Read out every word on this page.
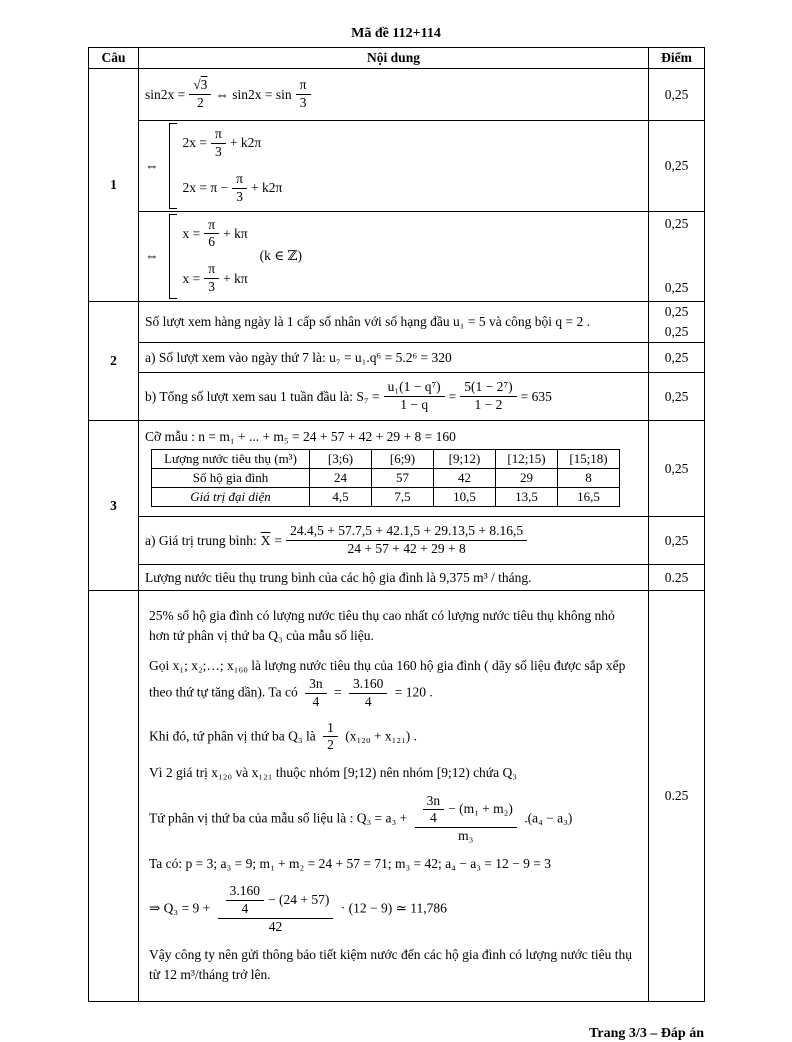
Mã đề 112+114
Câu	Nội dung	Điểm
1	
$\sin 2x = \frac{√ 3}{2}$ ⇔ $\sin 2x = \sin \frac{\pi}{3}$	0,25

⇔
$2x = \frac{\pi}{3} + k2\pi$
$2x = \pi - \frac{\pi}{3} + k2\pi$
	0,25

⇔
$x = \frac{\pi}{6} + k\pi$
$x = \frac{\pi}{3} + k\pi$
(k ∈ ℤ)

0,25
0,25

2	Số lượt xem hàng ngày là 1 cấp số nhân với số hạng đầu u₁ = 5 và công bội q = 2 .	
0,25
0,25

a) Số lượt xem vào ngày thứ 7 là: u₇ = u₁.q⁶ = 5.2⁶ = 320	0,25

b) Tổng số lượt xem sau 1 tuần đầu là: $S_7 = \frac{\text{u₁(1 − q⁷)}}{1 - q} = \frac{\text{5(1 − 2⁷)}}{1 - 2} = 635$	0,25
3	
Cỡ mẫu : n = m₁ + ... + m₅ = 24 + 57 + 42 + 29 + 8 = 160
Lượng nước tiêu thụ (m³)	[3;6)	[6;9)	[9;12)	[12;15)	[15;18)
Số hộ gia đình	24	57	42	29	8
Giá trị đại diện	4,5	7,5	10,5	13,5	16,5
	0,25

a) Giá trị trung bình: $\overline{X} = \frac{24.4,5 + 57.7,5 + 42.1,5 + 29.13,5 + 8.16,5}{24 + 57 + 42 + 29 + 8}$	0,25
Lượng nước tiêu thụ trung bình của các hộ gia đình là 9,375 m³ / tháng.	0.25

25% số hộ gia đình có lượng nước tiêu thụ cao nhất có lượng nước tiêu thụ không nhỏ hơn tứ phân vị thứ ba Q₃ của mẫu số liệu.

Gọi x₁; x₂;…; x₁₆₀ là lượng nước tiêu thụ của 160 hộ gia đình ( dãy số liệu được sắp xếp theo thứ tự tăng dần). Ta có $\frac{3n}{4} = \frac{3.160}{4} = 120$ .

Khi đó, tứ phân vị thứ ba Q₃ là $\frac{1}{2} (x_{120} + x_{121})$ .

Vì 2 giá trị x₁₂₀ và x₁₂₁ thuộc nhóm [9;12) nên nhóm [9;12) chứa Q₃

Tứ phân vị thứ ba của mẫu số liệu là : $Q_3 = a_3 + \frac{\frac{3n}{4} - (m_1 + m_2)}{\text{m₃}} .(a_4 - a_3)$

Ta có: p = 3; a₃ = 9; m₁ + m₂ = 24 + 57 = 71; m₃ = 42; a₄ − a₃ = 12 − 9 = 3

⇒ $Q_3 = 9 + \frac{\frac{3.160}{4} - (24 + 57)}{42} \cdot (12 - 9)$ ≃ 11,786

Vậy công ty nên gửi thông báo tiết kiệm nước đến các hộ gia đình có lượng nước tiêu thụ từ 12 m³/tháng trở lên.

	0.25
Trang 3/3 – Đáp án
